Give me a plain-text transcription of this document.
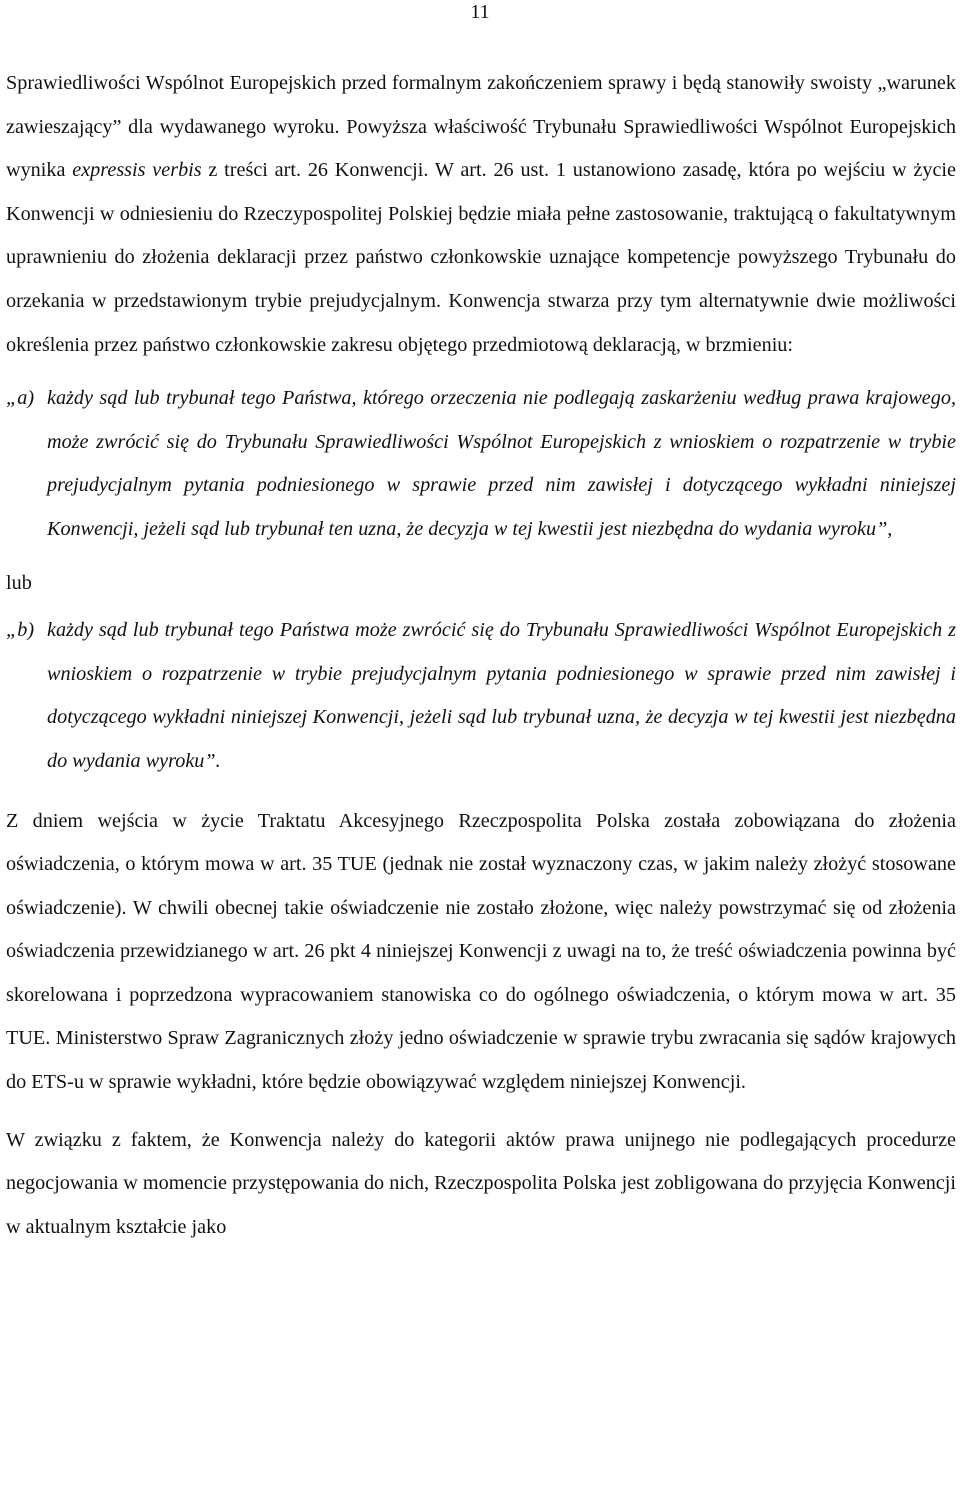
11

Sprawiedliwości Wspólnot Europejskich przed formalnym zakończeniem sprawy i będą stanowiły swoisty „warunek zawieszający” dla wydawanego wyroku. Powyższa właściwość Trybunału Sprawiedliwości Wspólnot Europejskich wynika expressis verbis z treści art. 26 Konwencji. W art. 26 ust. 1 ustanowiono zasadę, która po wejściu w życie Konwencji w odniesieniu do Rzeczypospolitej Polskiej będzie miała pełne zastosowanie, traktującą o fakultatywnym uprawnieniu do złożenia deklaracji przez państwo członkowskie uznające kompetencje powyższego Trybunału do orzekania w przedstawionym trybie prejudycjalnym. Konwencja stwarza przy tym alternatywnie dwie możliwości określenia przez państwo członkowskie zakresu objętego przedmiotową deklaracją, w brzmieniu:

„a) każdy sąd lub trybunał tego Państwa, którego orzeczenia nie podlegają zaskarżeniu według prawa krajowego, może zwrócić się do Trybunału Sprawiedliwości Wspólnot Europejskich z wnioskiem o rozpatrzenie w trybie prejudycjalnym pytania podniesionego w sprawie przed nim zawisłej i dotyczącego wykładni niniejszej Konwencji, jeżeli sąd lub trybunał ten uzna, że decyzja w tej kwestii jest niezbędna do wydania wyroku”,
lub
„b) każdy sąd lub trybunał tego Państwa może zwrócić się do Trybunału Sprawiedliwości Wspólnot Europejskich z wnioskiem o rozpatrzenie w trybie prejudycjalnym pytania podniesionego w sprawie przed nim zawisłej i dotyczącego wykładni niniejszej Konwencji, jeżeli sąd lub trybunał uzna, że decyzja w tej kwestii jest niezbędna do wydania wyroku”.

Z dniem wejścia w życie Traktatu Akcesyjnego Rzeczpospolita Polska została zobowiązana do złożenia oświadczenia, o którym mowa w art. 35 TUE (jednak nie został wyznaczony czas, w jakim należy złożyć stosowane oświadczenie). W chwili obecnej takie oświadczenie nie zostało złożone, więc należy powstrzymać się od złożenia oświadczenia przewidzianego w art. 26 pkt 4 niniejszej Konwencji z uwagi na to, że treść oświadczenia powinna być skorelowana i poprzedzona wypracowaniem stanowiska co do ogólnego oświadczenia, o którym mowa w art. 35 TUE. Ministerstwo Spraw Zagranicznych złoży jedno oświadczenie w sprawie trybu zwracania się sądów krajowych do ETS-u w sprawie wykładni, które będzie obowiązywać względem niniejszej Konwencji.

W związku z faktem, że Konwencja należy do kategorii aktów prawa unijnego nie podlegających procedurze negocjowania w momencie przystępowania do nich, Rzeczpospolita Polska jest zobligowana do przyjęcia Konwencji w aktualnym kształcie jako
